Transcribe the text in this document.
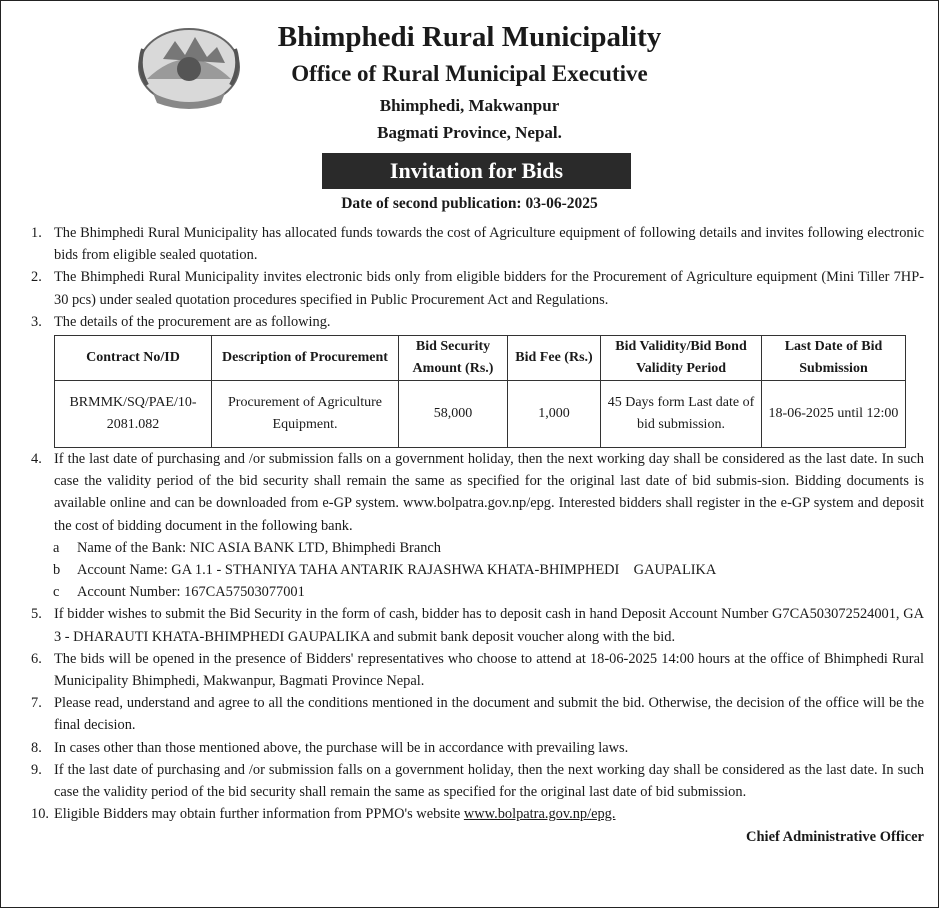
Bhimphedi Rural Municipality
Office of Rural Municipal Executive
Bhimphedi, Makwanpur
Bagmati Province, Nepal.
Invitation for Bids
Date of second publication: 03-06-2025
1. The Bhimphedi Rural Municipality has allocated funds towards the cost of Agriculture equipment of following details and invites following electronic bids from eligible sealed quotation.
2. The Bhimphedi Rural Municipality invites electronic bids only from eligible bidders for the Procurement of Agriculture equipment (Mini Tiller 7HP-30 pcs) under sealed quotation procedures specified in Public Procurement Act and Regulations.
3. The details of the procurement are as following.
Contract No/ID	Description of Procurement	Bid Security Amount (Rs.)	Bid Fee (Rs.)	Bid Validity/Bid Bond Validity Period	Last Date of Bid Submission
BRMMK/SQ/PAE/10-2081.082	Procurement of Agriculture Equipment.	58,000	1,000	45 Days form Last date of bid submission.	18-06-2025 until 12:00
4. If the last date of purchasing and /or submission falls on a government holiday, then the next working day shall be considered as the last date. In such case the validity period of the bid security shall remain the same as specified for the original last date of bid submis-sion. Bidding documents is available online and can be downloaded from e-GP system. www.bolpatra.gov.np/epg. Interested bidders shall register in the e-GP system and deposit the cost of bidding document in the following bank.
a	Name of the Bank: NIC ASIA BANK LTD, Bhimphedi Branch
b	Account Name: GA 1.1 - STHANIYA TAHA ANTARIK RAJASHWA KHATA-BHIMPHEDI    GAUPALIKA
c	Account Number: 167CA57503077001
5. If bidder wishes to submit the Bid Security in the form of cash, bidder has to deposit cash in hand Deposit Account Number G7CA503072524001, GA 3 - DHARAUTI KHATA-BHIMPHEDI GAUPALIKA and submit bank deposit voucher along with the bid.
6. The bids will be opened in the presence of Bidders' representatives who choose to attend at 18-06-2025 14:00 hours at the office of Bhimphedi Rural Municipality Bhimphedi, Makwanpur, Bagmati Province Nepal.
7. Please read, understand and agree to all the conditions mentioned in the document and submit the bid. Otherwise, the decision of the office will be the final decision.
8. In cases other than those mentioned above, the purchase will be in accordance with prevailing laws.
9. If the last date of purchasing and /or submission falls on a government holiday, then the next working day shall be considered as the last date. In such case the validity period of the bid security shall remain the same as specified for the original last date of bid submission.
10. Eligible Bidders may obtain further information from PPMO's website www.bolpatra.gov.np/epg.
Chief Administrative Officer
